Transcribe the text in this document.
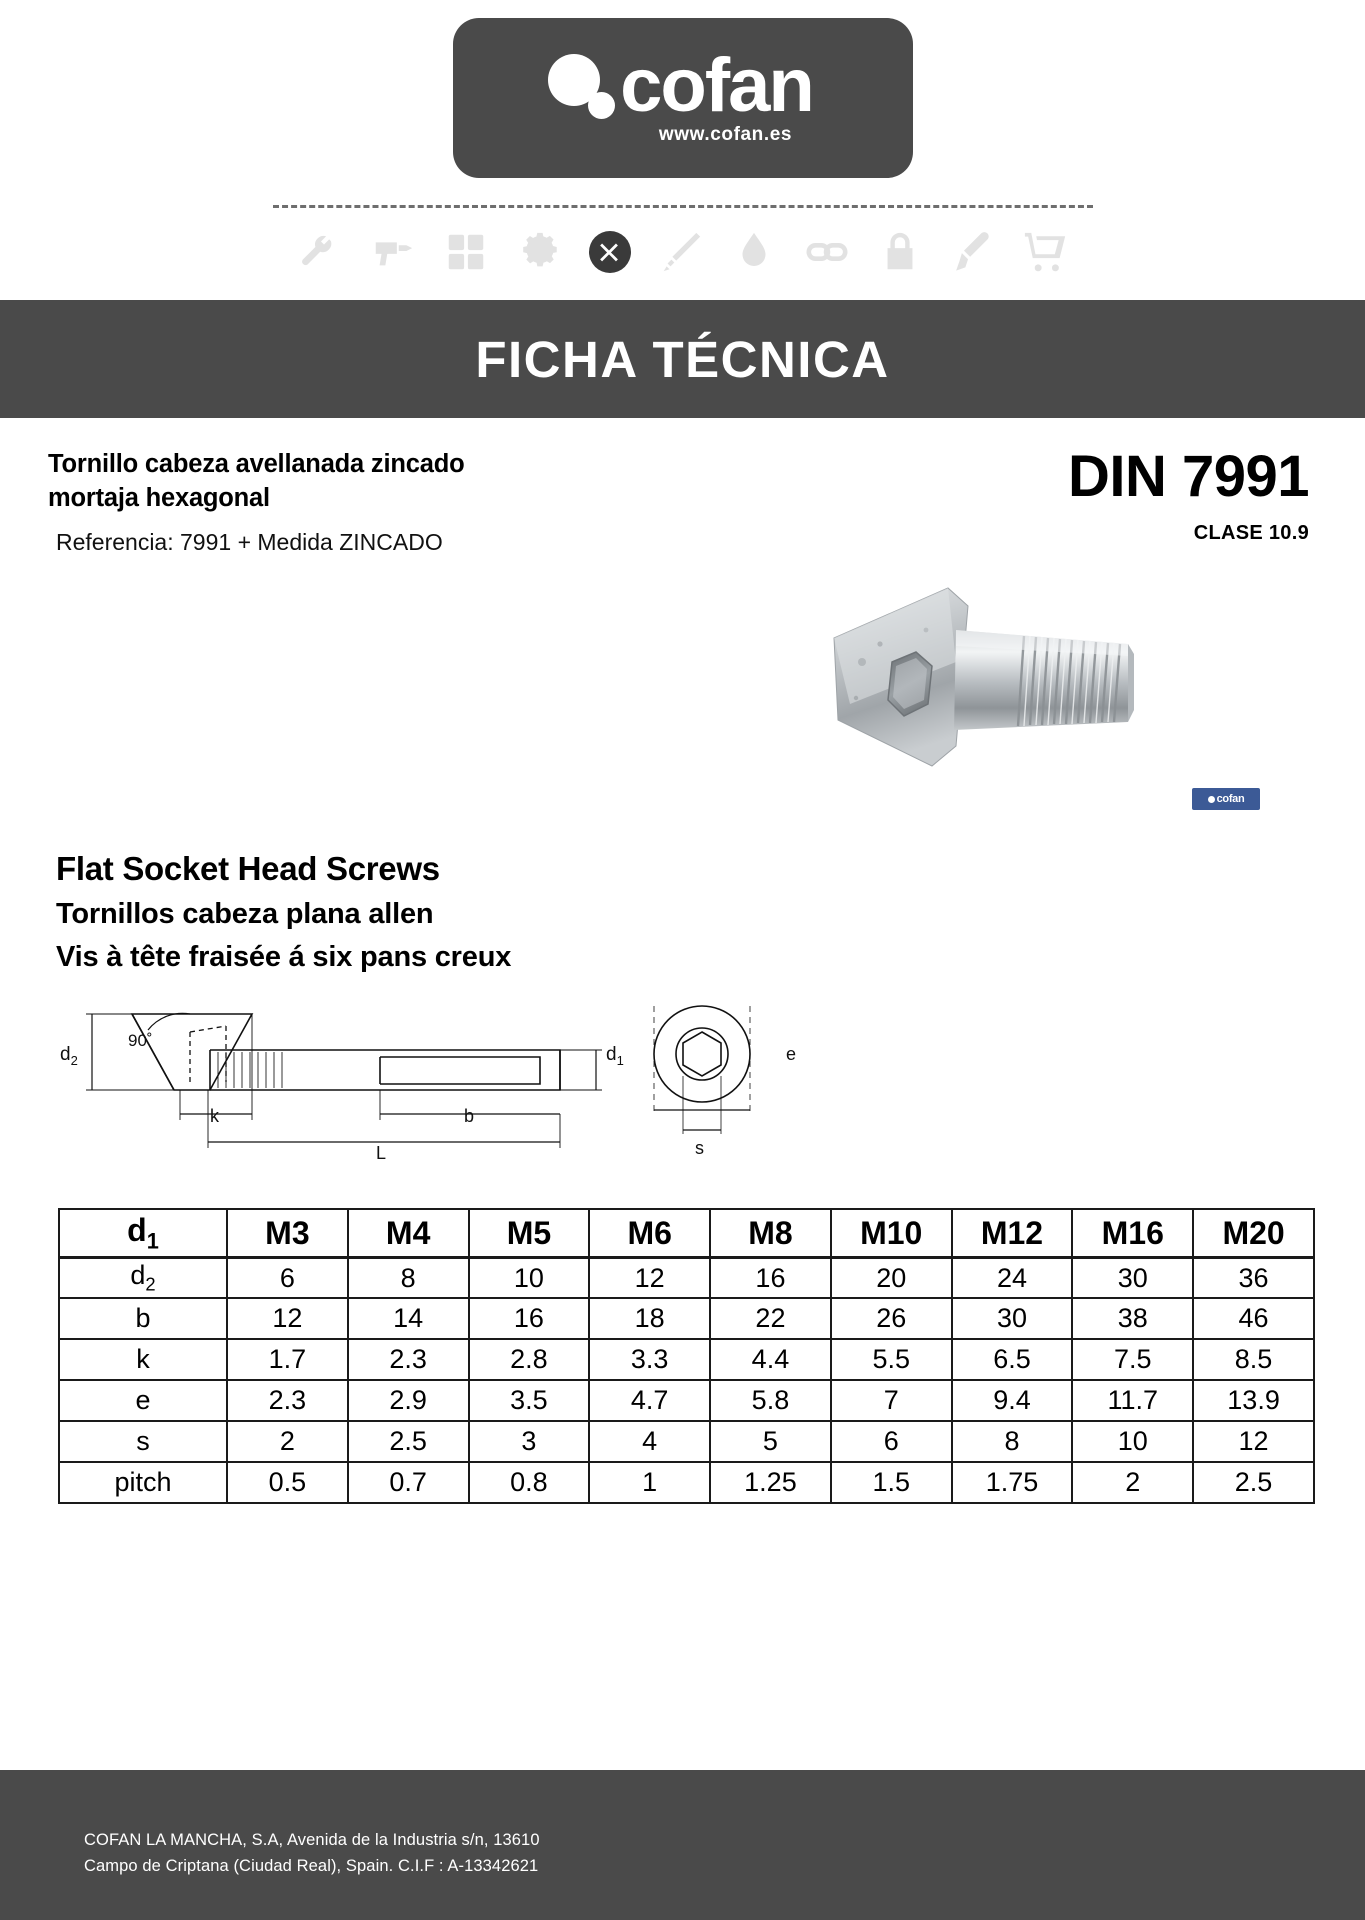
cofan
www.cofan.es
FICHA TÉCNICA
Tornillo cabeza avellanada zincado
mortaja hexagonal
Referencia: 7991 + Medida ZINCADO
DIN 7991
CLASE 10.9
cofan
Flat Socket Head Screws
Tornillos cabeza plana allen
Vis à tête fraisée á six pans creux
$d_2$
90˚
k	b
L
$d_1$	e
s
$d_1$	M3	M4	M5	M6	M8	M10	M12	M16	M20
$d_2$	6	8	10	12	16	20	24	30	36
b	12	14	16	18	22	26	30	38	46
k	1.7	2.3	2.8	3.3	4.4	5.5	6.5	7.5	8.5
e	2.3	2.9	3.5	4.7	5.8	7	9.4	11.7	13.9
s	2	2.5	3	4	5	6	8	10	12
pitch	0.5	0.7	0.8	1	1.25	1.5	1.75	2	2.5
COFAN LA MANCHA, S.A, Avenida de la Industria s/n, 13610
Campo de Criptana (Ciudad Real), Spain. C.I.F : A-13342621
